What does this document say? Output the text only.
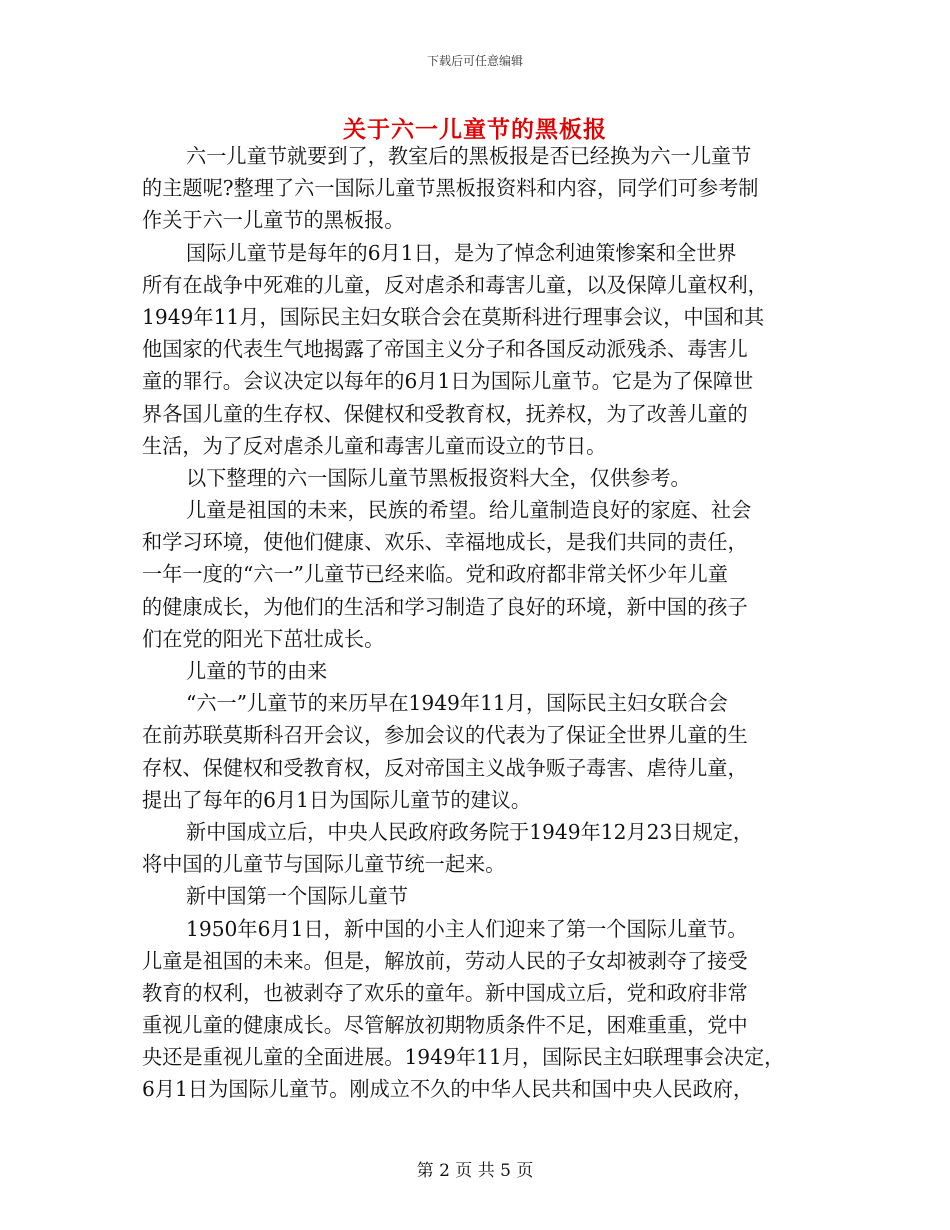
下载后可任意编辑
关于六一儿童节的黑板报
六一儿童节就要到了，教室后的黑板报是否已经换为六一儿童节
的主题呢?整理了六一国际儿童节黑板报资料和内容，同学们可参考制
作关于六一儿童节的黑板报。
国际儿童节是每年的6月1日，是为了悼念利迪策惨案和全世界
所有在战争中死难的儿童，反对虐杀和毒害儿童，以及保障儿童权利，
1949年11月，国际民主妇女联合会在莫斯科进行理事会议，中国和其
他国家的代表生气地揭露了帝国主义分子和各国反动派残杀、毒害儿
童的罪行。会议决定以每年的6月1日为国际儿童节。它是为了保障世
界各国儿童的生存权、保健权和受教育权，抚养权，为了改善儿童的
生活，为了反对虐杀儿童和毒害儿童而设立的节日。
以下整理的六一国际儿童节黑板报资料大全，仅供参考。
儿童是祖国的未来，民族的希望。给儿童制造良好的家庭、社会
和学习环境，使他们健康、欢乐、幸福地成长，是我们共同的责任，
一年一度的“六一”儿童节已经来临。党和政府都非常关怀少年儿童
的健康成长，为他们的生活和学习制造了良好的环境，新中国的孩子
们在党的阳光下茁壮成长。
儿童的节的由来
“六一”儿童节的来历早在1949年11月，国际民主妇女联合会
在前苏联莫斯科召开会议，参加会议的代表为了保证全世界儿童的生
存权、保健权和受教育权，反对帝国主义战争贩子毒害、虐待儿童，
提出了每年的6月1日为国际儿童节的建议。
新中国成立后，中央人民政府政务院于1949年12月23日规定，
将中国的儿童节与国际儿童节统一起来。
新中国第一个国际儿童节
1950年6月1日，新中国的小主人们迎来了第一个国际儿童节。
儿童是祖国的未来。但是，解放前，劳动人民的子女却被剥夺了接受
教育的权利，也被剥夺了欢乐的童年。新中国成立后，党和政府非常
重视儿童的健康成长。尽管解放初期物质条件不足，困难重重，党中
央还是重视儿童的全面进展。1949年11月，国际民主妇联理事会决定，
6月1日为国际儿童节。刚成立不久的中华人民共和国中央人民政府，
第 2 页 共 5 页
